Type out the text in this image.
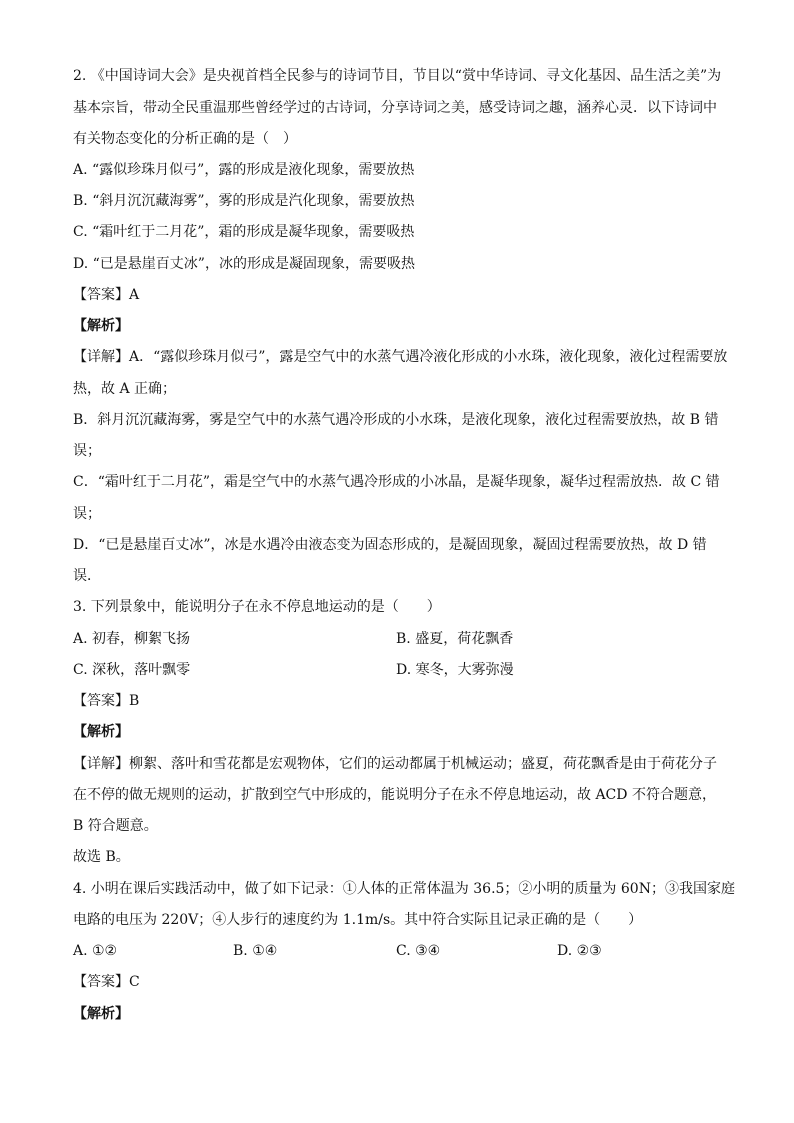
2. 《中国诗词大会》是央视首档全民参与的诗词节目，节目以“赏中华诗词、寻文化基因、品生活之美”为
基本宗旨，带动全民重温那些曾经学过的古诗词，分享诗词之美，感受诗词之趣，涵养心灵．以下诗词中
有关物态变化的分析正确的是（　）
A. “露似珍珠月似弓”，露的形成是液化现象，需要放热
B. “斜月沉沉藏海雾”，雾的形成是汽化现象，需要放热
C. “霜叶红于二月花”，霜的形成是凝华现象，需要吸热
D. “已是悬崖百丈冰”，冰的形成是凝固现象，需要吸热
【答案】A
【解析】
【详解】A．“露似珍珠月似弓”，露是空气中的水蒸气遇冷液化形成的小水珠，液化现象，液化过程需要放
热，故 A 正确；
B．斜月沉沉藏海雾，雾是空气中的水蒸气遇冷形成的小水珠，是液化现象，液化过程需要放热，故 B 错
误；
C．“霜叶红于二月花”，霜是空气中的水蒸气遇冷形成的小冰晶，是凝华现象，凝华过程需放热．故 C 错
误；
D．“已是悬崖百丈冰”，冰是水遇冷由液态变为固态形成的，是凝固现象，凝固过程需要放热，故 D 错
误．
3. 下列景象中，能说明分子在永不停息地运动的是（　　）
A. 初春，柳絮飞扬	B. 盛夏，荷花飘香
C. 深秋，落叶飘零	D. 寒冬，大雾弥漫
【答案】B
【解析】
【详解】柳絮、落叶和雪花都是宏观物体，它们的运动都属于机械运动；盛夏，荷花飘香是由于荷花分子
在不停的做无规则的运动，扩散到空气中形成的，能说明分子在永不停息地运动，故 ACD 不符合题意，
B 符合题意。
故选 B。
4. 小明在课后实践活动中，做了如下记录：①人体的正常体温为 36.5；②小明的质量为 60N；③我国家庭
电路的电压为 220V；④人步行的速度约为 1.1m/s。其中符合实际且记录正确的是（　　）
A. ①②	B. ①④	C. ③④	D. ②③
【答案】C
【解析】
